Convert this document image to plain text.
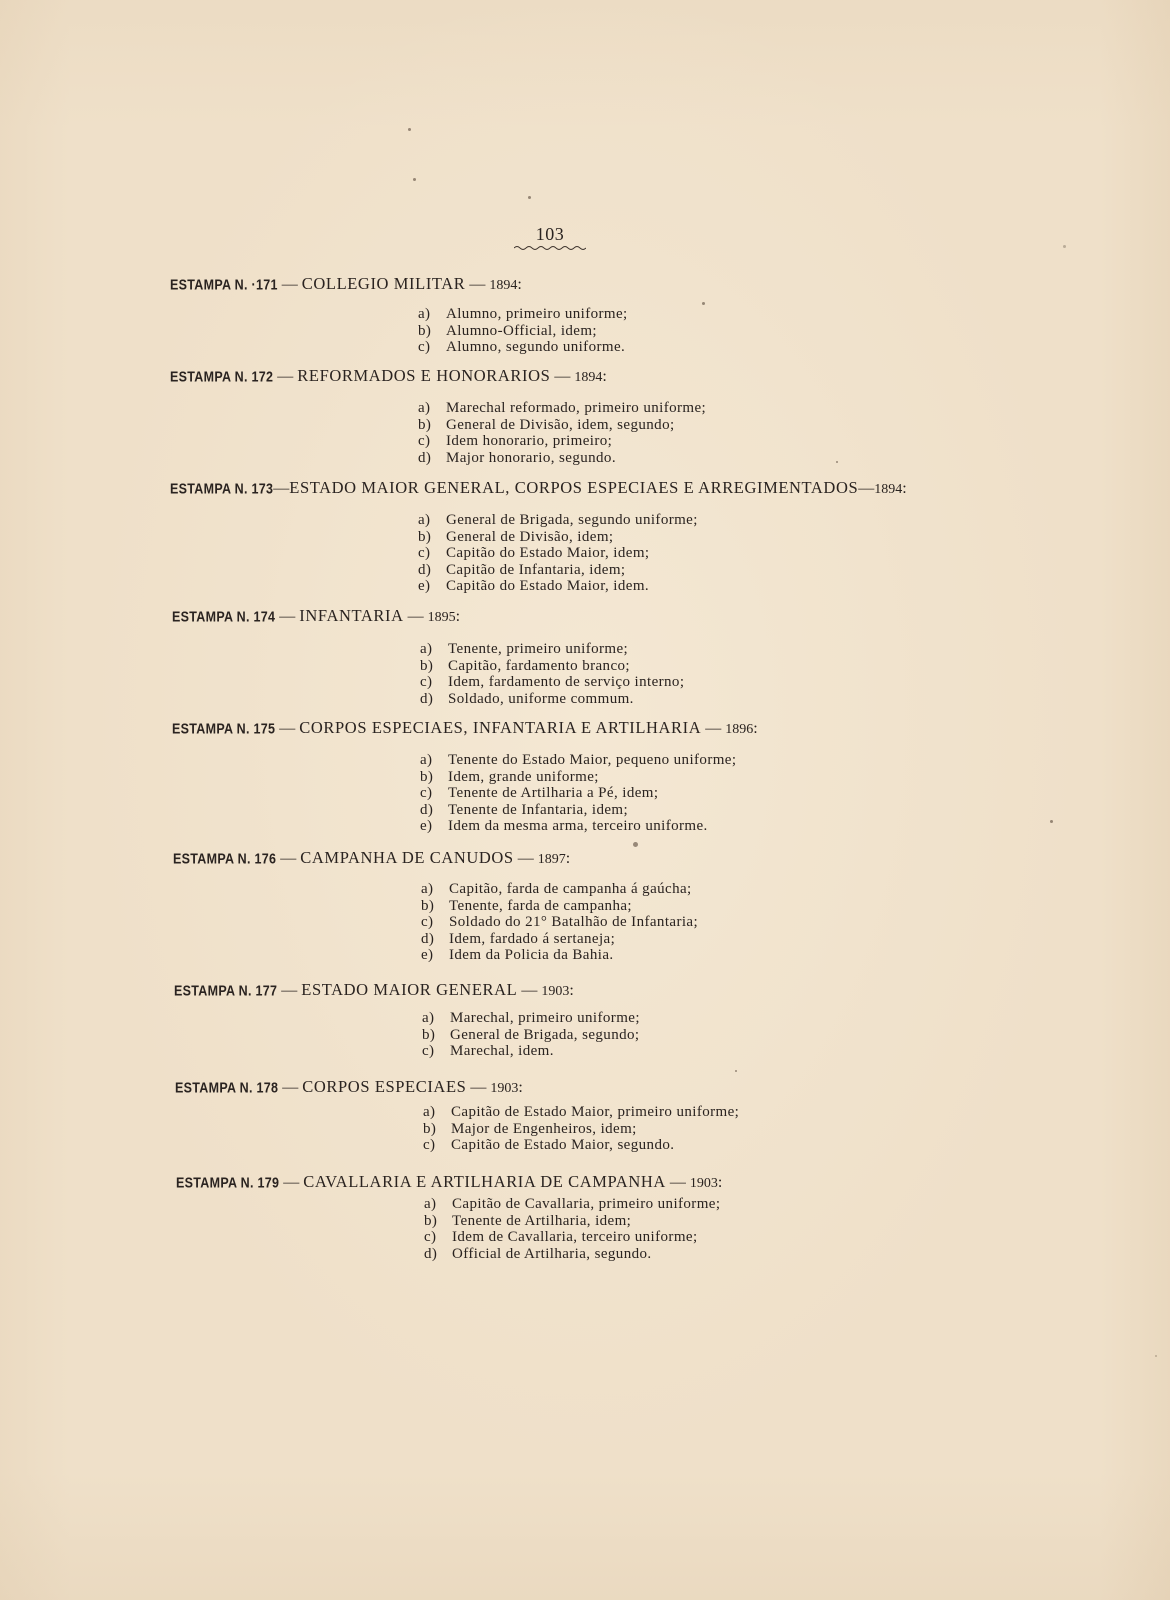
103
ESTAMPA N. ·171 — COLLEGIO MILITAR — 1894:
a) Alumno, primeiro uniforme;
b) Alumno-Official, idem;
c) Alumno, segundo uniforme.
ESTAMPA N. 172 — REFORMADOS E HONORARIOS — 1894:
a) Marechal reformado, primeiro uniforme;
b) General de Divisão, idem, segundo;
c) Idem honorario, primeiro;
d) Major honorario, segundo.
ESTAMPA N. 173—ESTADO MAIOR GENERAL, CORPOS ESPECIAES E ARREGIMENTADOS—1894:
a) General de Brigada, segundo uniforme;
b) General de Divisão, idem;
c) Capitão do Estado Maior, idem;
d) Capitão de Infantaria, idem;
e) Capitão do Estado Maior, idem.
ESTAMPA N. 174 — INFANTARIA — 1895:
a) Tenente, primeiro uniforme;
b) Capitão, fardamento branco;
c) Idem, fardamento de serviço interno;
d) Soldado, uniforme commum.
ESTAMPA N. 175 — CORPOS ESPECIAES, INFANTARIA E ARTILHARIA — 1896:
a) Tenente do Estado Maior, pequeno uniforme;
b) Idem, grande uniforme;
c) Tenente de Artilharia a Pé, idem;
d) Tenente de Infantaria, idem;
e) Idem da mesma arma, terceiro uniforme.
ESTAMPA N. 176 — CAMPANHA DE CANUDOS — 1897:
a) Capitão, farda de campanha á gaúcha;
b) Tenente, farda de campanha;
c) Soldado do 21° Batalhão de Infantaria;
d) Idem, fardado á sertaneja;
e) Idem da Policia da Bahia.
ESTAMPA N. 177 — ESTADO MAIOR GENERAL — 1903:
a) Marechal, primeiro uniforme;
b) General de Brigada, segundo;
c) Marechal, idem.
ESTAMPA N. 178 — CORPOS ESPECIAES — 1903:
a) Capitão de Estado Maior, primeiro uniforme;
b) Major de Engenheiros, idem;
c) Capitão de Estado Maior, segundo.
ESTAMPA N. 179 — CAVALLARIA E ARTILHARIA DE CAMPANHA — 1903:
a) Capitão de Cavallaria, primeiro uniforme;
b) Tenente de Artilharia, idem;
c) Idem de Cavallaria, terceiro uniforme;
d) Official de Artilharia, segundo.
